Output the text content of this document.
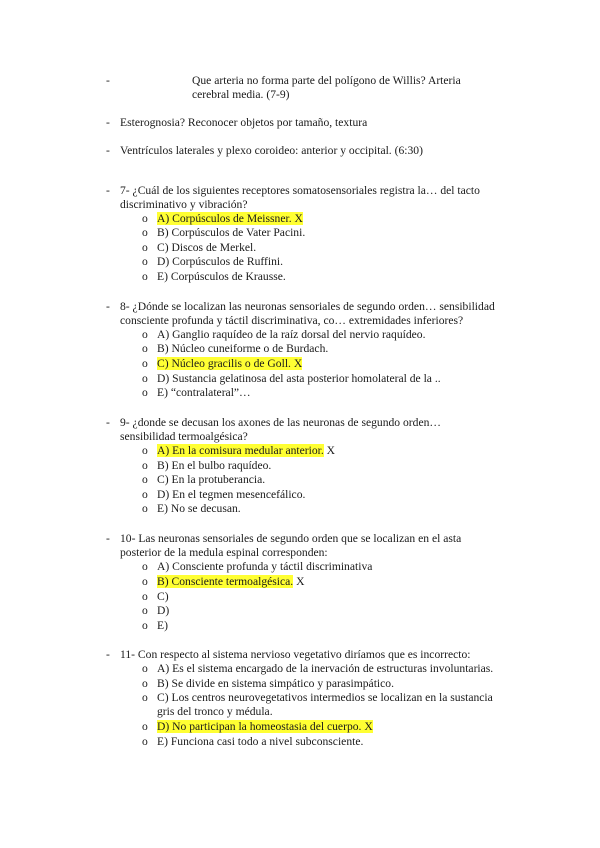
-	Que arteria no forma parte del polígono de Willis? Arteria
cerebral media. (7-9)
- Esterognosia? Reconocer objetos por tamaño, textura
- Ventrículos laterales y plexo coroideo: anterior y occipital. (6:30)
- 7- ¿Cuál de los siguientes receptores somatosensoriales registra la… del tacto
discriminativo y vibración?
o A) Corpúsculos de Meissner. X
o B) Corpúsculos de Vater Pacini.
o C) Discos de Merkel.
o D) Corpúsculos de Ruffini.
o E) Corpúsculos de Krausse.
- 8- ¿Dónde se localizan las neuronas sensoriales de segundo orden… sensibilidad
consciente profunda y táctil discriminativa, co… extremidades inferiores?
o A) Ganglio raquídeo de la raíz dorsal del nervio raquídeo.
o B) Núcleo cuneiforme o de Burdach.
o C) Núcleo gracilis o de Goll. X
o D) Sustancia gelatinosa del asta posterior homolateral de la ..
o E) “contralateral”…
- 9- ¿donde se decusan los axones de las neuronas de segundo orden…
sensibilidad termoalgésica?
o A) En la comisura medular anterior. X
o B) En el bulbo raquídeo.
o C) En la protuberancia.
o D) En el tegmen mesencefálico.
o E) No se decusan.
- 10- Las neuronas sensoriales de segundo orden que se localizan en el asta
posterior de la medula espinal corresponden:
o A) Consciente profunda y táctil discriminativa
o B) Consciente termoalgésica. X
o C)
o D)
o E)
- 11- Con respecto al sistema nervioso vegetativo diríamos que es incorrecto:
o A) Es el sistema encargado de la inervación de estructuras involuntarias.
o B) Se divide en sistema simpático y parasimpático.
o C) Los centros neurovegetativos intermedios se localizan en la sustancia
gris del tronco y médula.
o D) No participan la homeostasia del cuerpo. X
o E) Funciona casi todo a nivel subconsciente.
